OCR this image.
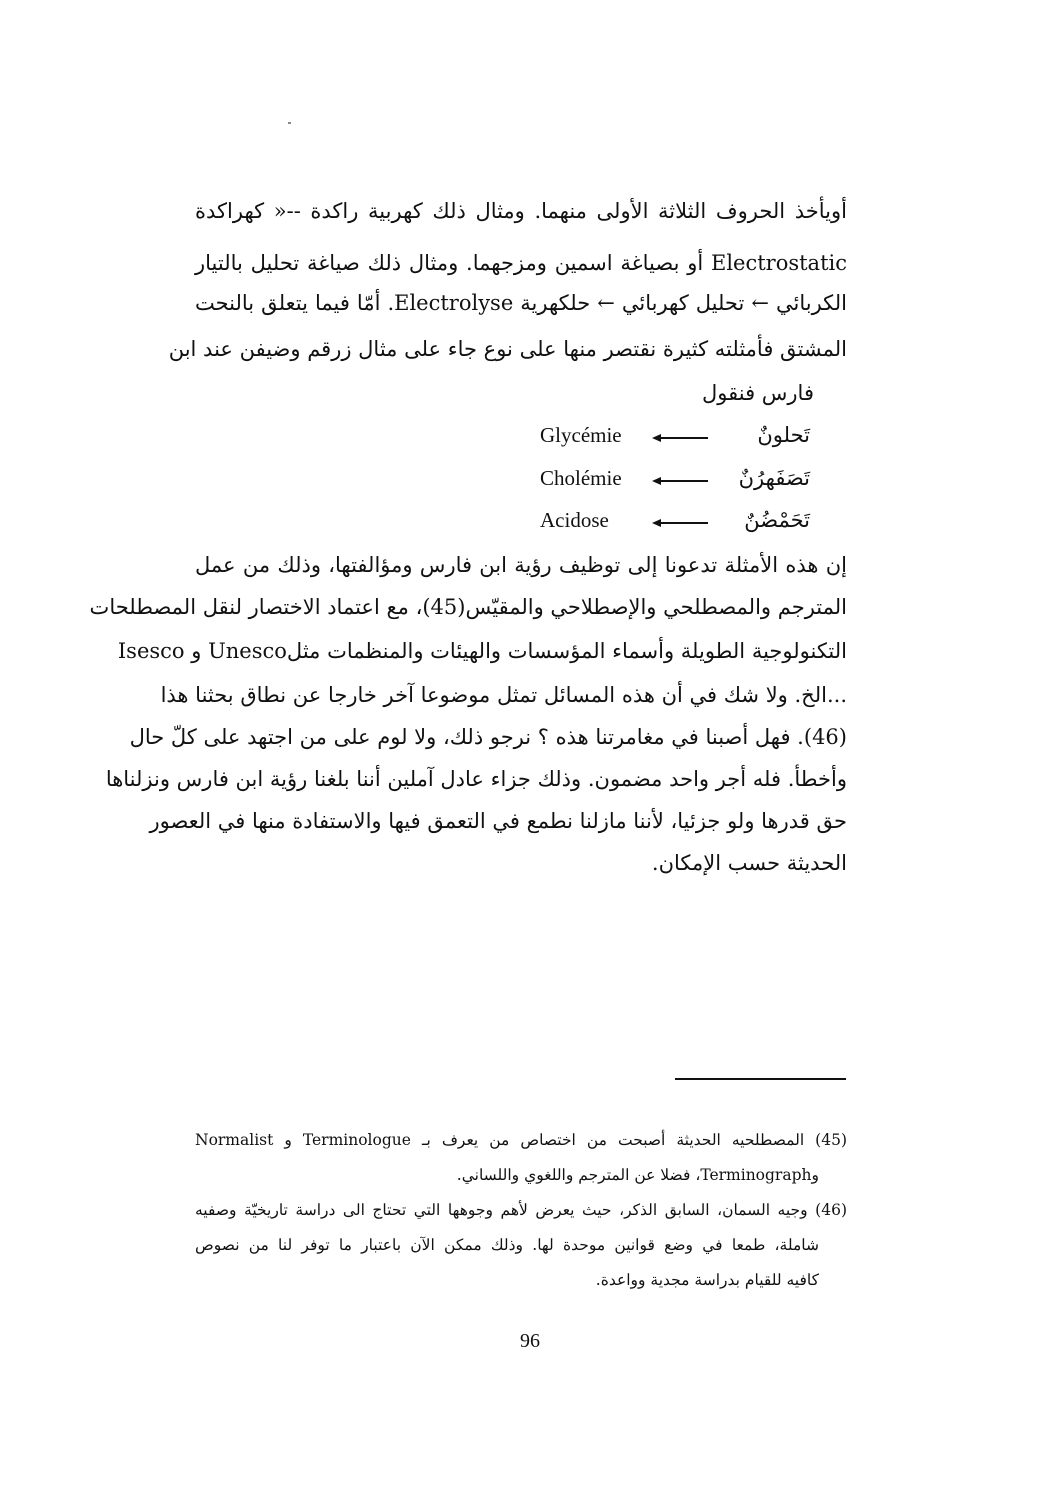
أويأخذ الحروف الثلاثة الأولى منهما. ومثال ذلك كهربية راكدة --« كهراكدة
Electrostatic أو بصياغة اسمين ومزجهما. ومثال ذلك صياغة تحليل بالتيار
الكربائي ← تحليل كهربائي ← حلكهرية Electrolyse. أمّا فيما يتعلق بالنحت
المشتق فأمثلته كثيرة نقتصر منها على نوع جاء على مثال زرقم وضيفن عند ابن
فارس فنقول
Glycémie	تَحلونٌ
Cholémie	تَصَفَهرُنٌ
Acidose	تَحَمْضُنٌ
إن هذه الأمثلة تدعونا إلى توظيف رؤية ابن فارس ومؤالفتها، وذلك من عمل
المترجم والمصطلحي والإصطلاحي والمقيّس(45)، مع اعتماد الاختصار لنقل المصطلحات
التكنولوجية الطويلة وأسماء المؤسسات والهيئات والمنظمات مثلUnesco و Isesco
...الخ. ولا شك في أن هذه المسائل تمثل موضوعا آخر خارجا عن نطاق بحثنا هذا
(46). فهل أصبنا في مغامرتنا هذه ؟ نرجو ذلك، ولا لوم على من اجتهد على كلّ حال
وأخطأ. فله أجر واحد مضمون. وذلك جزاء عادل آملين أننا بلغنا رؤية ابن فارس ونزلناها
حق قدرها ولو جزئيا، لأننا مازلنا نطمع في التعمق فيها والاستفادة منها في العصور
الحديثة حسب الإمكان.
(45) المصطلحيه الحديثة أصبحت من اختصاص من يعرف بـ Terminologue و Normalist
وTerminograph، فضلا عن المترجم واللغوي واللساني.
(46) وجيه السمان، السابق الذكر، حيث يعرض لأهم وجوهها التي تحتاج الى دراسة تاريخيّة وصفيه
شاملة، طمعا في وضع قوانين موحدة لها. وذلك ممكن الآن باعتبار ما توفر لنا من نصوص
كافيه للقيام بدراسة مجدية وواعدة.
96
